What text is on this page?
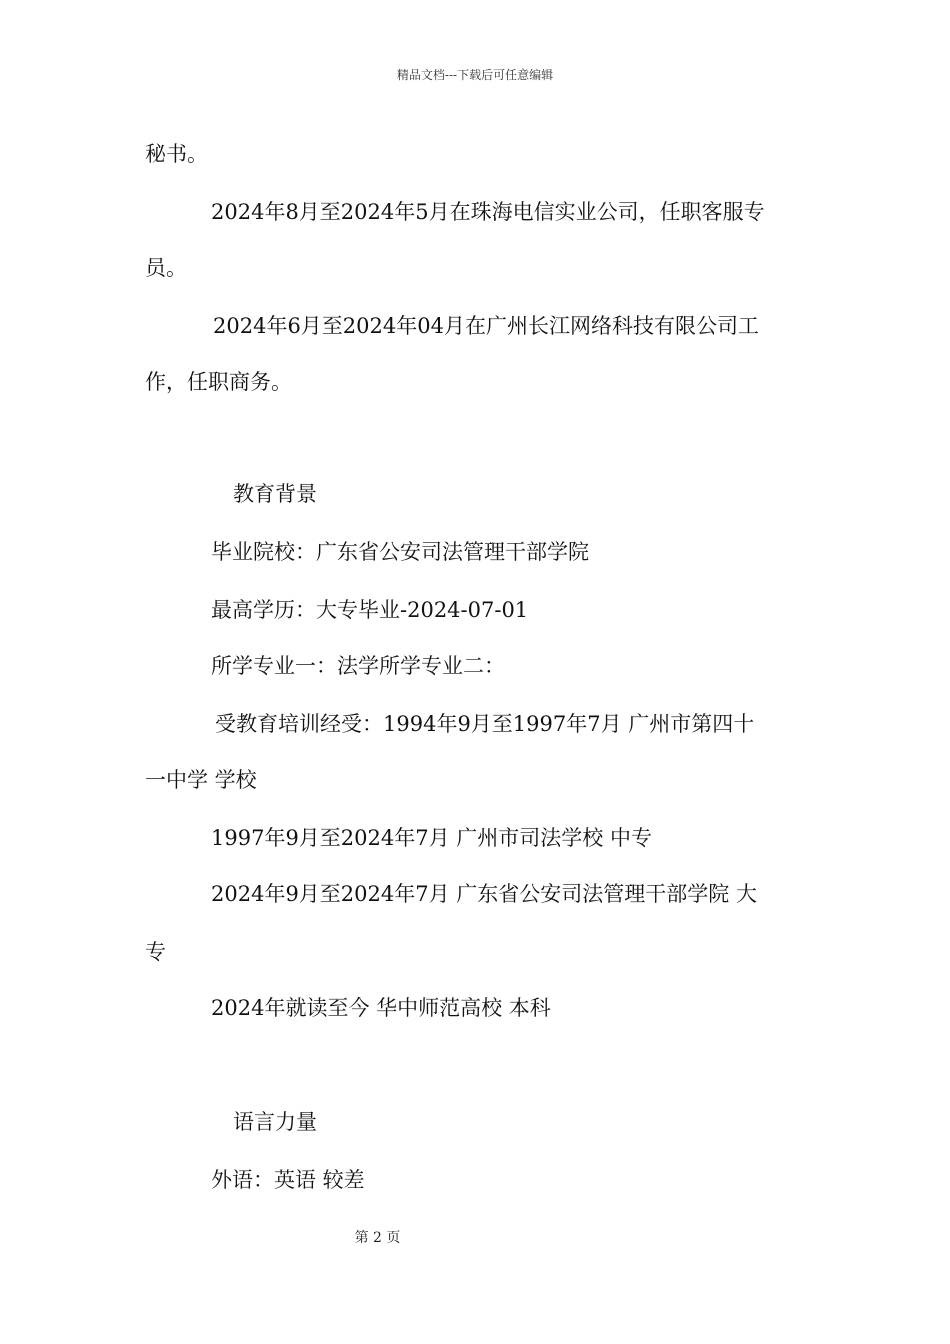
精品文档---下载后可任意编辑
秘书。
2024年8月至2024年5月在珠海电信实业公司，任职客服专
员。
2024年6月至2024年04月在广州长江网络科技有限公司工
作，任职商务。
教育背景
毕业院校：广东省公安司法管理干部学院
最高学历：大专毕业-2024-07-01
所学专业一：法学所学专业二：
受教育培训经受：1994年9月至1997年7月 广州市第四十
一中学 学校
1997年9月至2024年7月 广州市司法学校 中专
2024年9月至2024年7月 广东省公安司法管理干部学院 大
专
2024年就读至今 华中师范高校 本科
语言力量
外语：英语 较差
第 2 页
